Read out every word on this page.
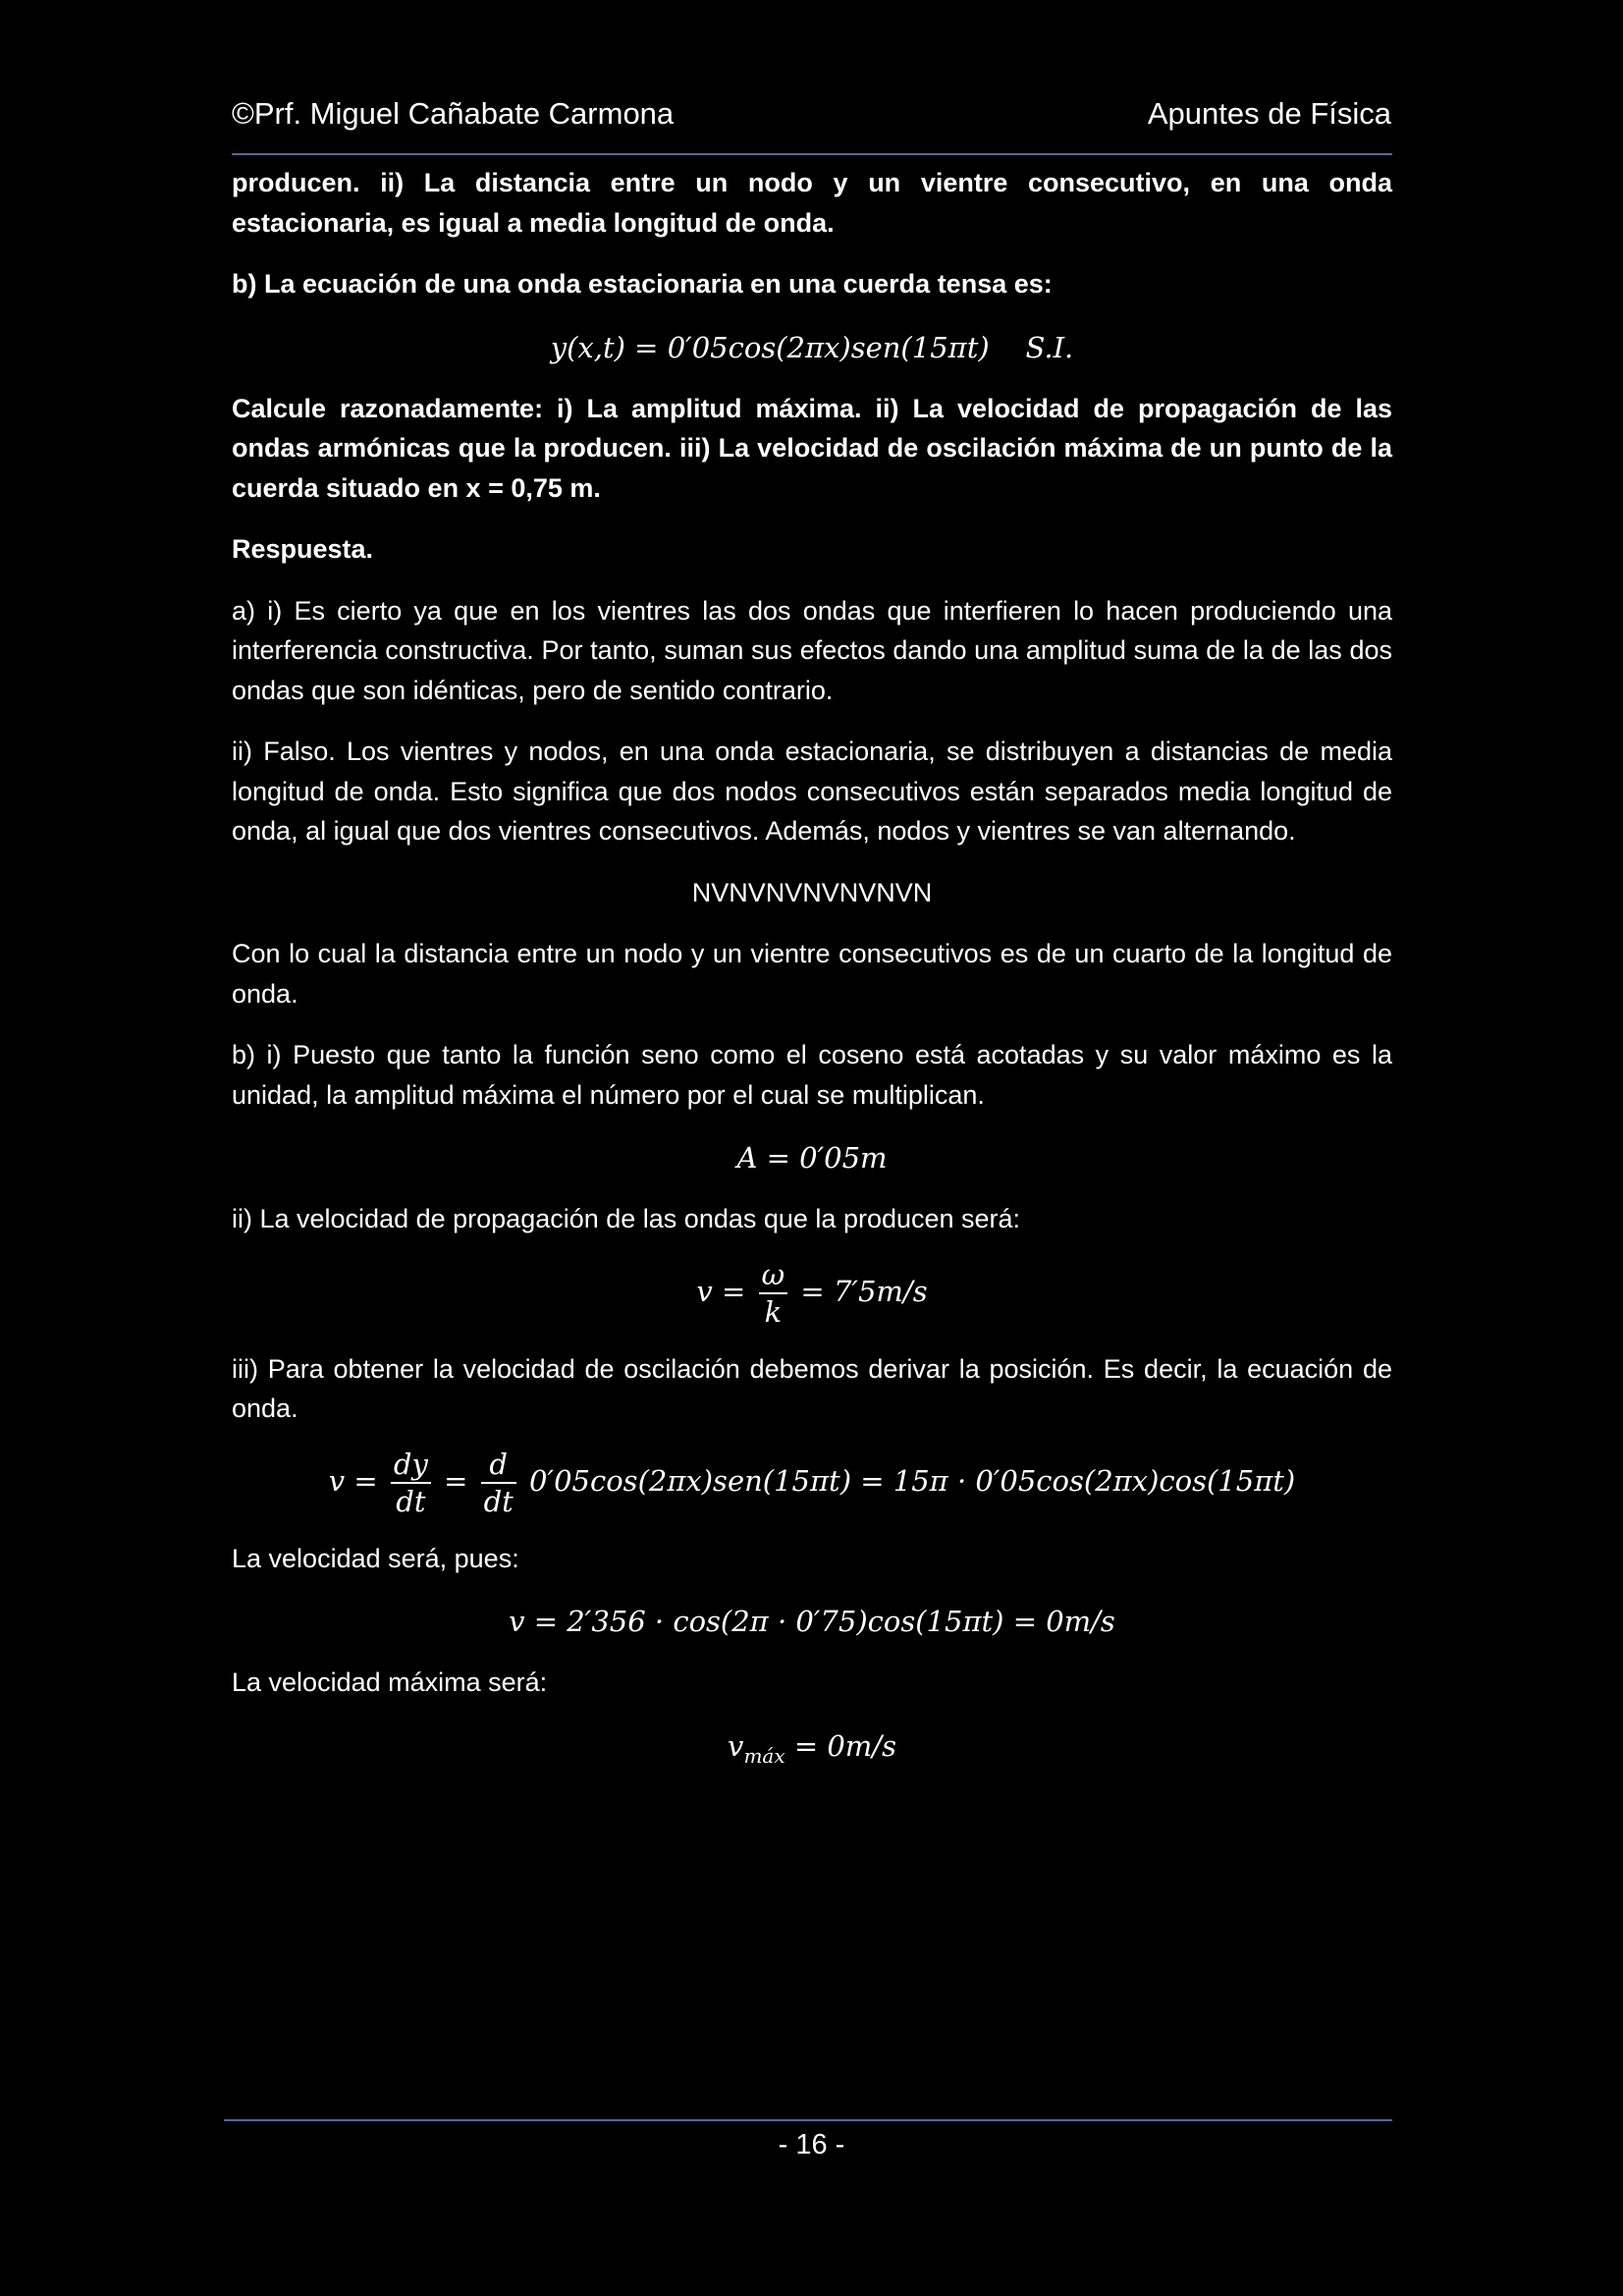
©Prf. Miguel Cañabate Carmona	Apuntes de Física

producen. ii) La distancia entre un nodo y un vientre consecutivo, en una onda estacionaria, es igual a media longitud de onda.

b) La ecuación de una onda estacionaria en una cuerda tensa es:

y(x,t) = 0′05cos(2πx)sen(15πt) S.I.

Calcule razonadamente: i) La amplitud máxima. ii) La velocidad de propagación de las ondas armónicas que la producen. iii) La velocidad de oscilación máxima de un punto de la cuerda situado en x = 0,75 m.

Respuesta.

a) i) Es cierto ya que en los vientres las dos ondas que interfieren lo hacen produciendo una interferencia constructiva. Por tanto, suman sus efectos dando una amplitud suma de la de las dos ondas que son idénticas, pero de sentido contrario.

ii) Falso. Los vientres y nodos, en una onda estacionaria, se distribuyen a distancias de media longitud de onda. Esto significa que dos nodos consecutivos están separados media longitud de onda, al igual que dos vientres consecutivos. Además, nodos y vientres se van alternando.

NVNVNVNVNVNVN

Con lo cual la distancia entre un nodo y un vientre consecutivos es de un cuarto de la longitud de onda.

b) i) Puesto que tanto la función seno como el coseno está acotadas y su valor máximo es la unidad, la amplitud máxima el número por el cual se multiplican.

A = 0′05m

ii) La velocidad de propagación de las ondas que la producen será:

$v = \frac{\omega}{k} = 7'5m/s$

iii) Para obtener la velocidad de oscilación debemos derivar la posición. Es decir, la ecuación de onda.

$v = \frac{dy}{dt} = \frac{d}{dt} 0'05\cos(2\pi x)sen(15\pi t) = 15\pi \cdot 0'05\cos(2\pi x)\cos(15\pi t)$

La velocidad será, pues:

v = 2′356 · cos(2π · 0′75)cos(15πt) = 0m/s

La velocidad máxima será:

$v_{máx} = 0m/s$
- 16 -
